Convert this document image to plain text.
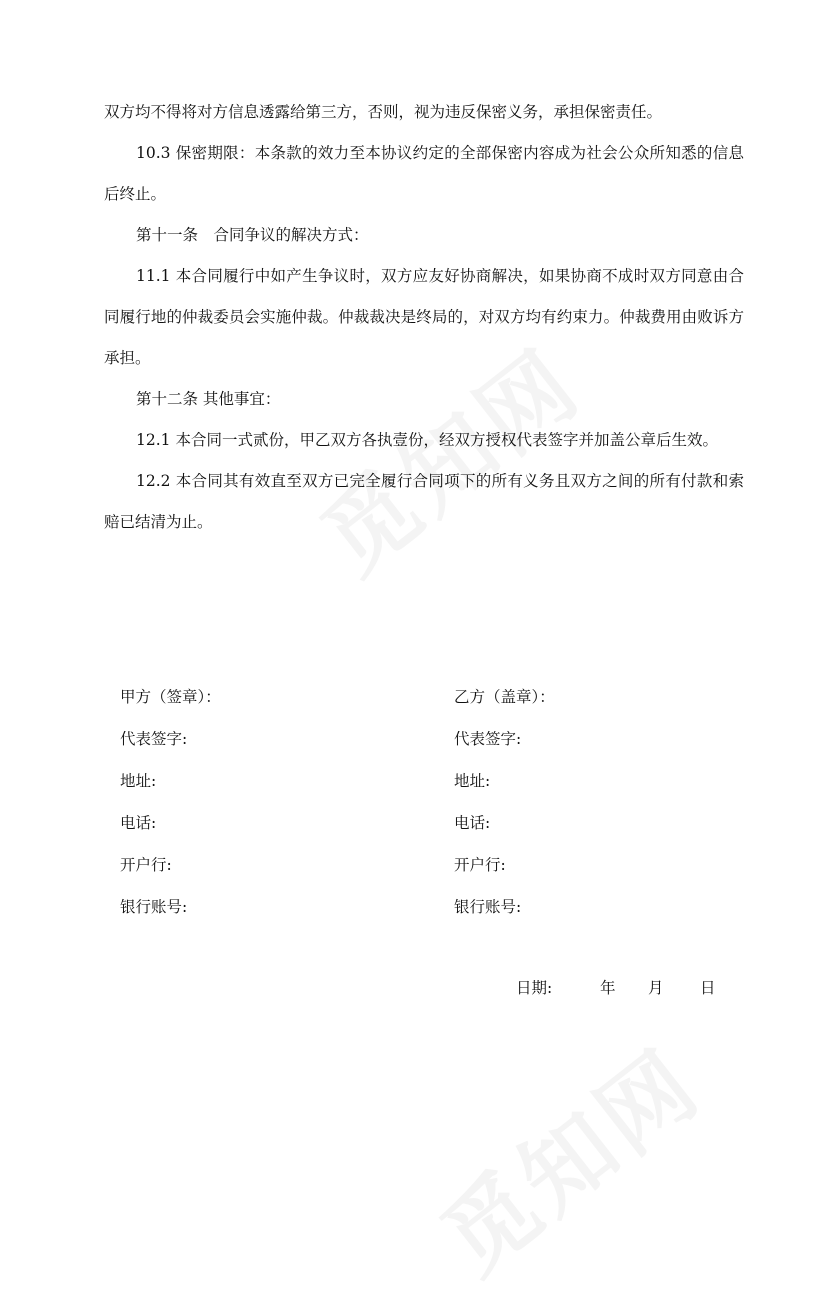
双方均不得将对方信息透露给第三方，否则，视为违反保密义务，承担保密责任。

10.3 保密期限：本条款的效力至本协议约定的全部保密内容成为社会公众所知悉的信息后终止。

第十一条　合同争议的解决方式：

11.1 本合同履行中如产生争议时，双方应友好协商解决，如果协商不成时双方同意由合同履行地的仲裁委员会实施仲裁。仲裁裁决是终局的，对双方均有约束力。仲裁费用由败诉方承担。

第十二条 其他事宜：

12.1 本合同一式贰份，甲乙双方各执壹份，经双方授权代表签字并加盖公章后生效。

12.2 本合同其有效直至双方已完全履行合同项下的所有义务且双方之间的所有付款和索赔已结清为止。

甲方（签章）：	乙方（盖章）：
代表签字:	代表签字:
地址:	地址:
电话:	电话:
开户行:	开户行:
银行账号:	银行账号:
日期:	年	月	日
